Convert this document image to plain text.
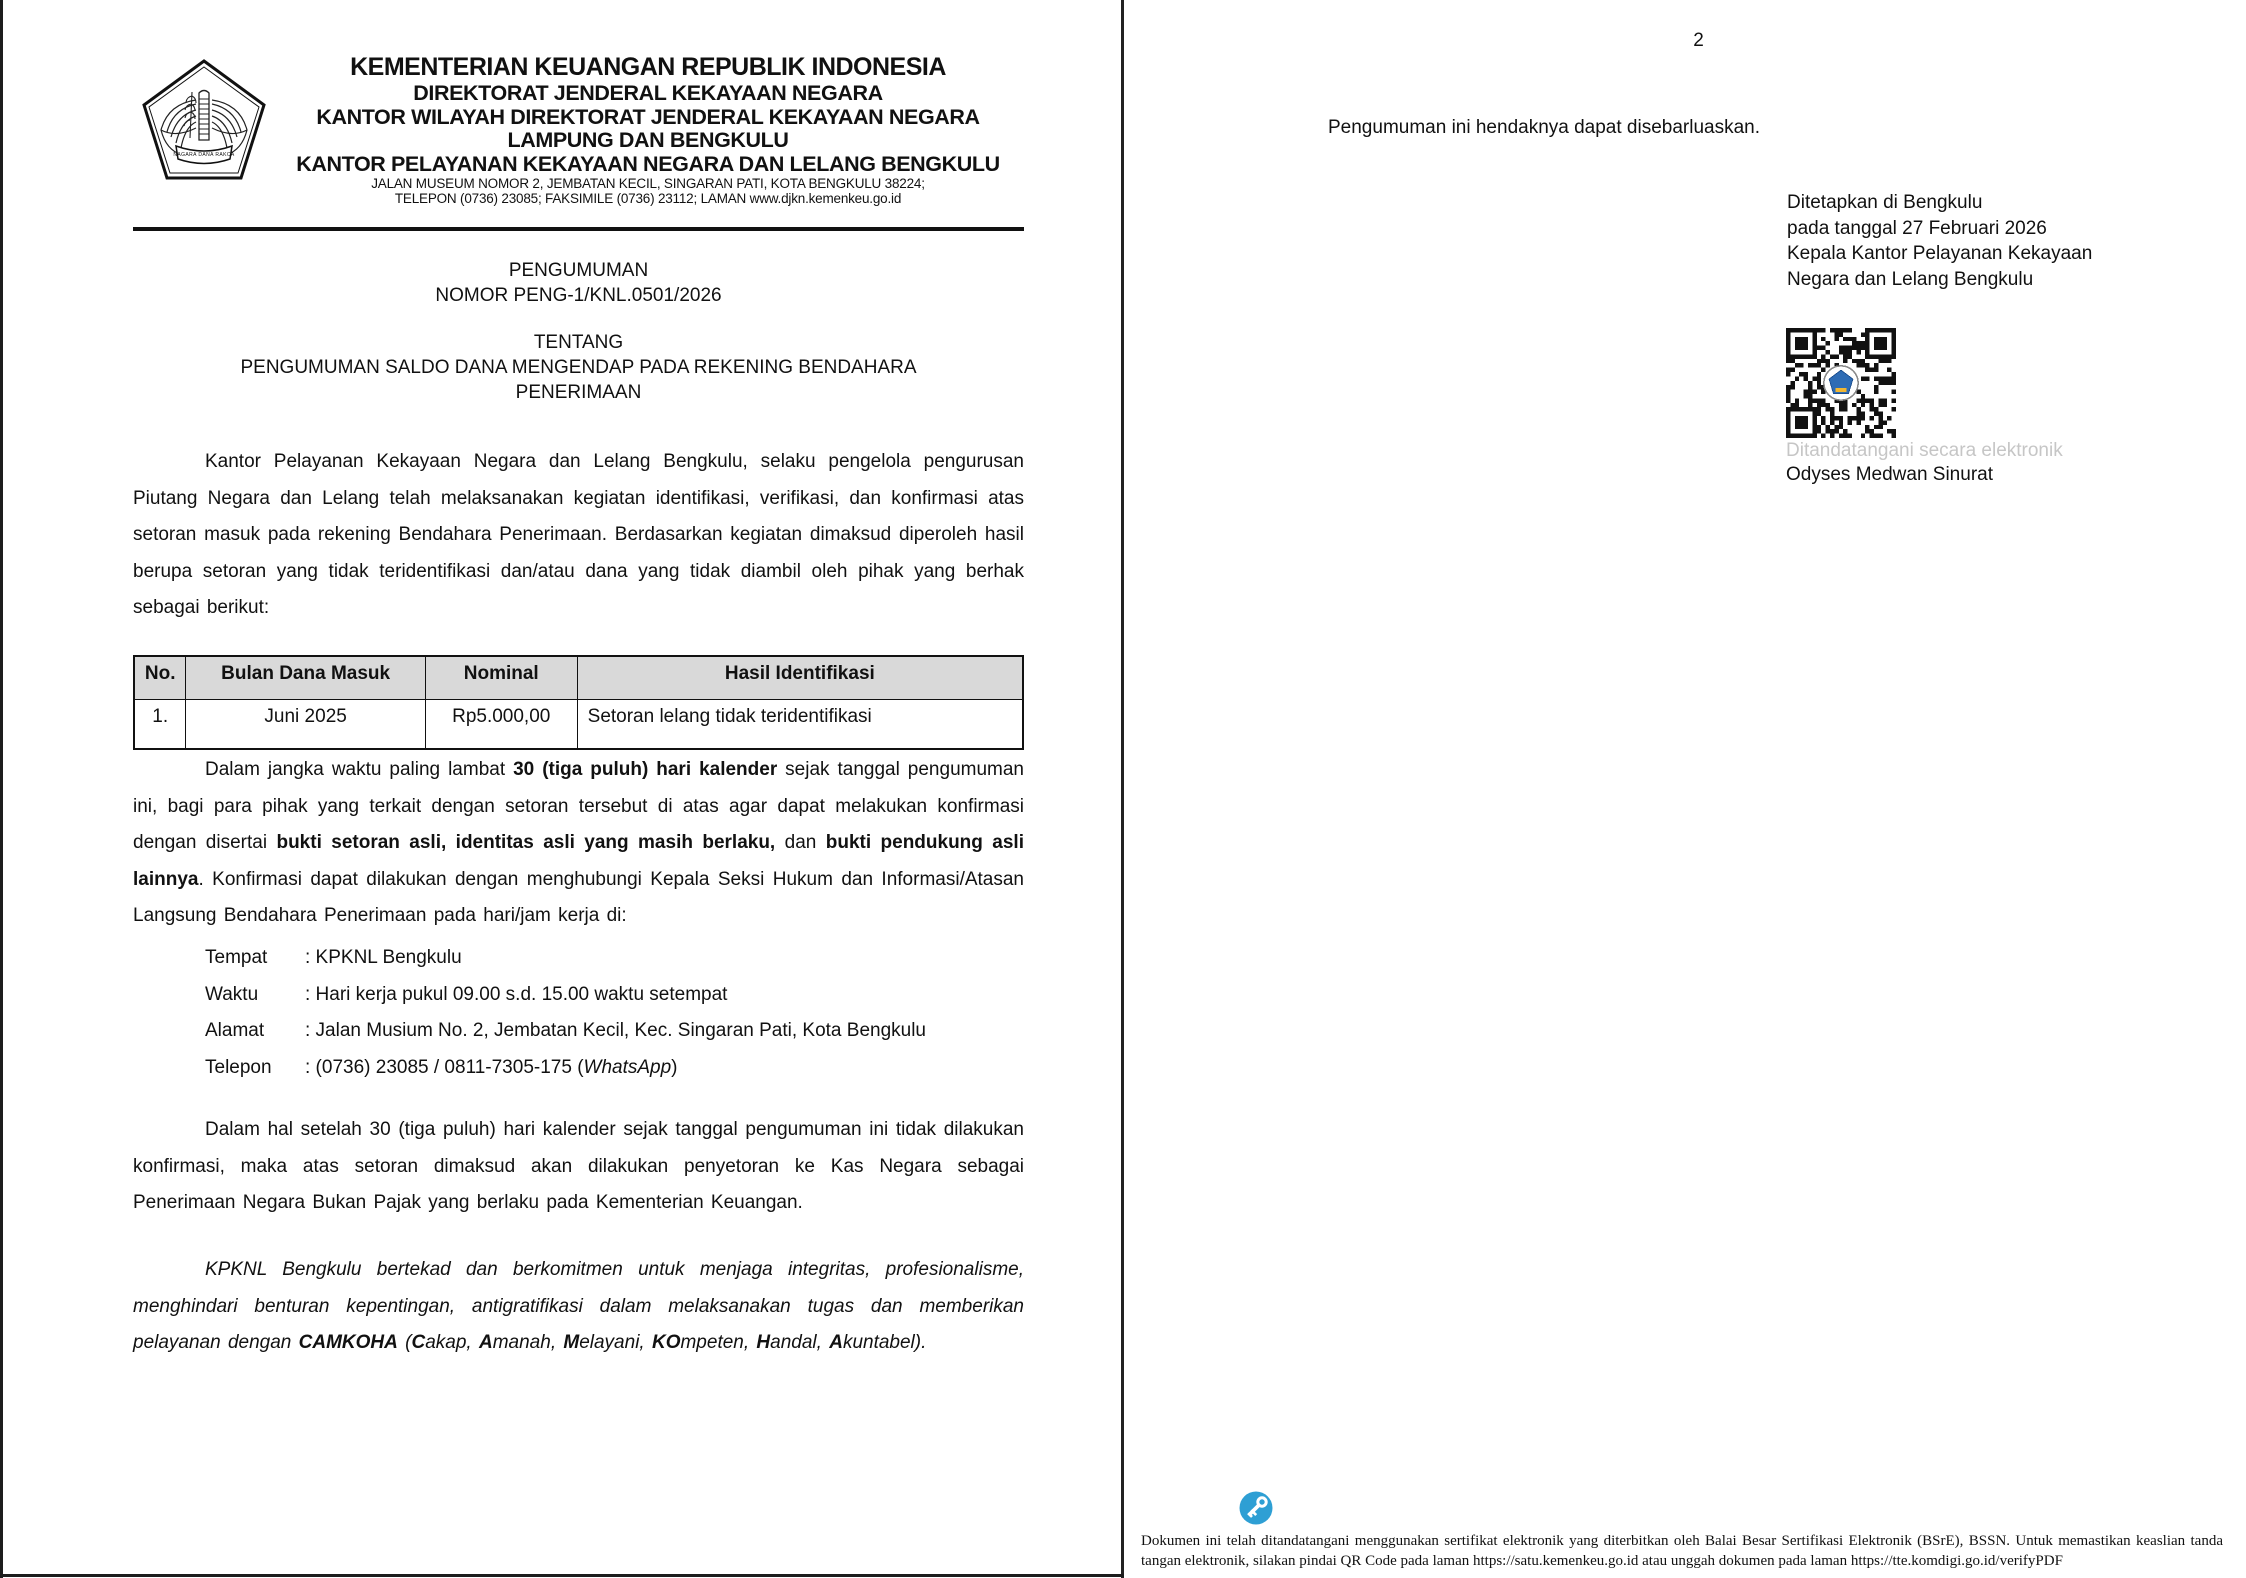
NAGARA DANA RAKCA
KEMENTERIAN KEUANGAN REPUBLIK INDONESIA
DIREKTORAT JENDERAL KEKAYAAN NEGARA
KANTOR WILAYAH DIREKTORAT JENDERAL KEKAYAAN NEGARA
LAMPUNG DAN BENGKULU
KANTOR PELAYANAN KEKAYAAN NEGARA DAN LELANG BENGKULU
JALAN MUSEUM NOMOR 2, JEMBATAN KECIL, SINGARAN PATI, KOTA BENGKULU 38224;
TELEPON (0736) 23085; FAKSIMILE (0736) 23112; LAMAN www.djkn.kemenkeu.go.id
PENGUMUMAN
NOMOR PENG-1/KNL.0501/2026
TENTANG
PENGUMUMAN SALDO DANA MENGENDAP PADA REKENING BENDAHARA
PENERIMAAN

Kantor Pelayanan Kekayaan Negara dan Lelang Bengkulu, selaku pengelola pengurusan Piutang Negara dan Lelang telah melaksanakan kegiatan identifikasi, verifikasi, dan konfirmasi atas setoran masuk pada rekening Bendahara Penerimaan. Berdasarkan kegiatan dimaksud diperoleh hasil berupa setoran yang tidak teridentifikasi dan/atau dana yang tidak diambil oleh pihak yang berhak sebagai berikut:

No.	Bulan Dana Masuk	Nominal	Hasil Identifikasi
1.	Juni 2025	Rp5.000,00	Setoran lelang tidak teridentifikasi

Dalam jangka waktu paling lambat 30 (tiga puluh) hari kalender sejak tanggal pengumuman ini, bagi para pihak yang terkait dengan setoran tersebut di atas agar dapat melakukan konfirmasi dengan disertai bukti setoran asli, identitas asli yang masih berlaku, dan bukti pendukung asli lainnya. Konfirmasi dapat dilakukan dengan menghubungi Kepala Seksi Hukum dan Informasi/Atasan Langsung Bendahara Penerimaan pada hari/jam kerja di:

Tempat : KPKNL Bengkulu
Waktu : Hari kerja pukul 09.00 s.d. 15.00 waktu setempat
Alamat : Jalan Musium No. 2, Jembatan Kecil, Kec. Singaran Pati, Kota Bengkulu
Telepon : (0736) 23085 / 0811-7305-175 (WhatsApp)

Dalam hal setelah 30 (tiga puluh) hari kalender sejak tanggal pengumuman ini tidak dilakukan konfirmasi, maka atas setoran dimaksud akan dilakukan penyetoran ke Kas Negara sebagai Penerimaan Negara Bukan Pajak yang berlaku pada Kementerian Keuangan.

KPKNL Bengkulu bertekad dan berkomitmen untuk menjaga integritas, profesionalisme, menghindari benturan kepentingan, antigratifikasi dalam melaksanakan tugas dan memberikan pelayanan dengan CAMKOHA (Cakap, Amanah, Melayani, KOmpeten, Handal, Akuntabel).

2
Pengumuman ini hendaknya dapat disebarluaskan.
Ditetapkan di Bengkulu
pada tanggal 27 Februari 2026
Kepala Kantor Pelayanan Kekayaan
Negara dan Lelang Bengkulu
Ditandatangani secara elektronik
Odyses Medwan Sinurat

Dokumen ini telah ditandatangani menggunakan sertifikat elektronik yang diterbitkan oleh Balai Besar Sertifikasi Elektronik (BSrE), BSSN. Untuk memastikan keaslian tanda tangan elektronik, silakan pindai QR Code pada laman https://satu.kemenkeu.go.id atau unggah dokumen pada laman https://tte.komdigi.go.id/verifyPDF
